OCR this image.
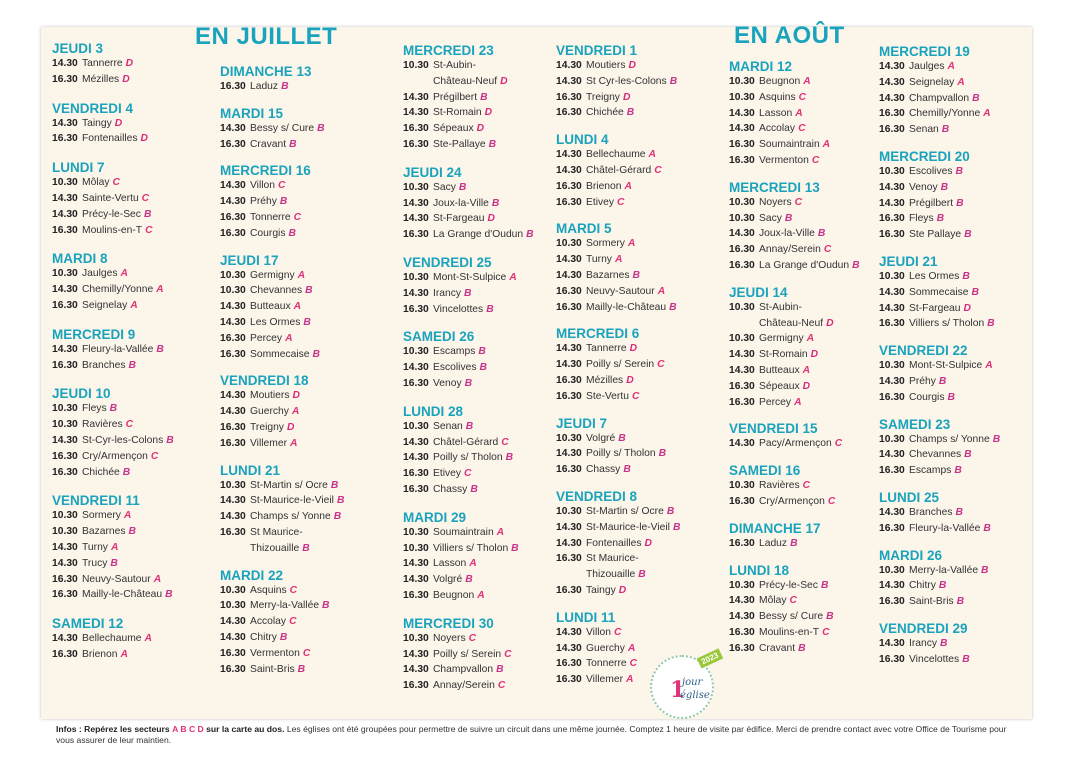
EN JUILLET	EN AOÛT
JEUDI 3
14.30 Tannerre D
16.30 Mézilles D
VENDREDI 4
14.30 Taingy D
16.30 Fontenailles D
LUNDI 7
10.30 Môlay C
14.30 Sainte-Vertu C
14.30 Précy-le-Sec B
16.30 Moulins-en-T C
MARDI 8
10.30 Jaulges A
14.30 Chemilly/Yonne A
16.30 Seignelay A
MERCREDI 9
14.30 Fleury-la-Vallée B
16.30 Branches B
JEUDI 10
10.30 Fleys B
10.30 Ravières C
14.30 St-Cyr-les-Colons B
16.30 Cry/Armençon C
16.30 Chichée B
VENDREDI 11
10.30 Sormery A
10.30 Bazarnes B
14.30 Turny A
14.30 Trucy B
16.30 Neuvy-Sautour A
16.30 Mailly-le-Château B
SAMEDI 12
14.30 Bellechaume A
16.30 Brienon A
DIMANCHE 13
16.30 Laduz B
MARDI 15
14.30 Bessy s/ Cure B
16.30 Cravant B
MERCREDI 16
14.30 Villon C
14.30 Préhy B
16.30 Tonnerre C
16.30 Courgis B
JEUDI 17
10.30 Germigny A
10.30 Chevannes B
14.30 Butteaux A
14.30 Les Ormes B
16.30 Percey A
16.30 Sommecaise B
VENDREDI 18
14.30 Moutiers D
14.30 Guerchy A
16.30 Treigny D
16.30 Villemer A
LUNDI 21
10.30 St-Martin s/ Ocre B
14.30 St-Maurice-le-Vieil B
14.30 Champs s/ Yonne B
16.30 St Maurice-
Thizouaille B
MARDI 22
10.30 Asquins C
10.30 Merry-la-Vallée B
14.30 Accolay C
14.30 Chitry B
16.30 Vermenton C
16.30 Saint-Bris B
MERCREDI 23
10.30 St-Aubin-
Château-Neuf D
14.30 Prégilbert B
14.30 St-Romain D
16.30 Sépeaux D
16.30 Ste-Pallaye B
JEUDI 24
10.30 Sacy B
14.30 Joux-la-Ville B
14.30 St-Fargeau D
16.30 La Grange d'Oudun B
VENDREDI 25
10.30 Mont-St-Sulpice A
14.30 Irancy B
16.30 Vincelottes B
SAMEDI 26
10.30 Escamps B
14.30 Escolives B
16.30 Venoy B
LUNDI 28
10.30 Senan B
14.30 Châtel-Gérard C
14.30 Poilly s/ Tholon B
16.30 Etivey C
16.30 Chassy B
MARDI 29
10.30 Soumaintrain A
10.30 Villiers s/ Tholon B
14.30 Lasson A
14.30 Volgré B
16.30 Beugnon A
MERCREDI 30
10.30 Noyers C
14.30 Poilly s/ Serein C
14.30 Champvallon B
16.30 Annay/Serein C
VENDREDI 1
14.30 Moutiers D
14.30 St Cyr-les-Colons B
16.30 Treigny D
16.30 Chichée B
LUNDI 4
14.30 Bellechaume A
14.30 Châtel-Gérard C
16.30 Brienon A
16.30 Etivey C
MARDI 5
10.30 Sormery A
14.30 Turny A
14.30 Bazarnes B
16.30 Neuvy-Sautour A
16.30 Mailly-le-Château B
MERCREDI 6
14.30 Tannerre D
14.30 Poilly s/ Serein C
16.30 Mézilles D
16.30 Ste-Vertu C
JEUDI 7
10.30 Volgré B
14.30 Poilly s/ Tholon B
16.30 Chassy B
VENDREDI 8
10.30 St-Martin s/ Ocre B
14.30 St-Maurice-le-Vieil B
14.30 Fontenailles D
16.30 St Maurice-
Thizouaille B
16.30 Taingy D
LUNDI 11
14.30 Villon C
14.30 Guerchy A
16.30 Tonnerre C
16.30 Villemer A
MARDI 12
10.30 Beugnon A
10.30 Asquins C
14.30 Lasson A
14.30 Accolay C
16.30 Soumaintrain A
16.30 Vermenton C
MERCREDI 13
10.30 Noyers C
10.30 Sacy B
14.30 Joux-la-Ville B
16.30 Annay/Serein C
16.30 La Grange d'Oudun B
JEUDI 14
10.30 St-Aubin-
Château-Neuf D
10.30 Germigny A
14.30 St-Romain D
14.30 Butteaux A
16.30 Sépeaux D
16.30 Percey A
VENDREDI 15
14.30 Pacy/Armençon C
SAMEDI 16
10.30 Ravières C
16.30 Cry/Armençon C
DIMANCHE 17
16.30 Laduz B
LUNDI 18
10.30 Précy-le-Sec B
14.30 Môlay C
14.30 Bessy s/ Cure B
16.30 Moulins-en-T C
16.30 Cravant B
MERCREDI 19
14.30 Jaulges A
14.30 Seignelay A
14.30 Champvallon B
16.30 Chemilly/Yonne A
16.30 Senan B
MERCREDI 20
10.30 Escolives B
14.30 Venoy B
14.30 Prégilbert B
16.30 Fleys B
16.30 Ste Pallaye B
JEUDI 21
10.30 Les Ormes B
14.30 Sommecaise B
14.30 St-Fargeau D
16.30 Villiers s/ Tholon B
VENDREDI 22
10.30 Mont-St-Sulpice A
14.30 Préhy B
16.30 Courgis B
SAMEDI 23
10.30 Champs s/ Yonne B
14.30 Chevannes B
16.30 Escamps B
LUNDI 25
14.30 Branches B
16.30 Fleury-la-Vallée B
MARDI 26
10.30 Merry-la-Vallée B
14.30 Chitry B
16.30 Saint-Bris B
VENDREDI 29
14.30 Irancy B
16.30 Vincelottes B
1
jour
église
2023
Infos : Repérez les secteurs A B C D sur la carte au dos. Les églises ont été groupées pour permettre de suivre un circuit dans une même journée. Comptez 1 heure de visite par édifice. Merci de prendre contact avec votre Office de Tourisme pour vous assurer de leur maintien.
